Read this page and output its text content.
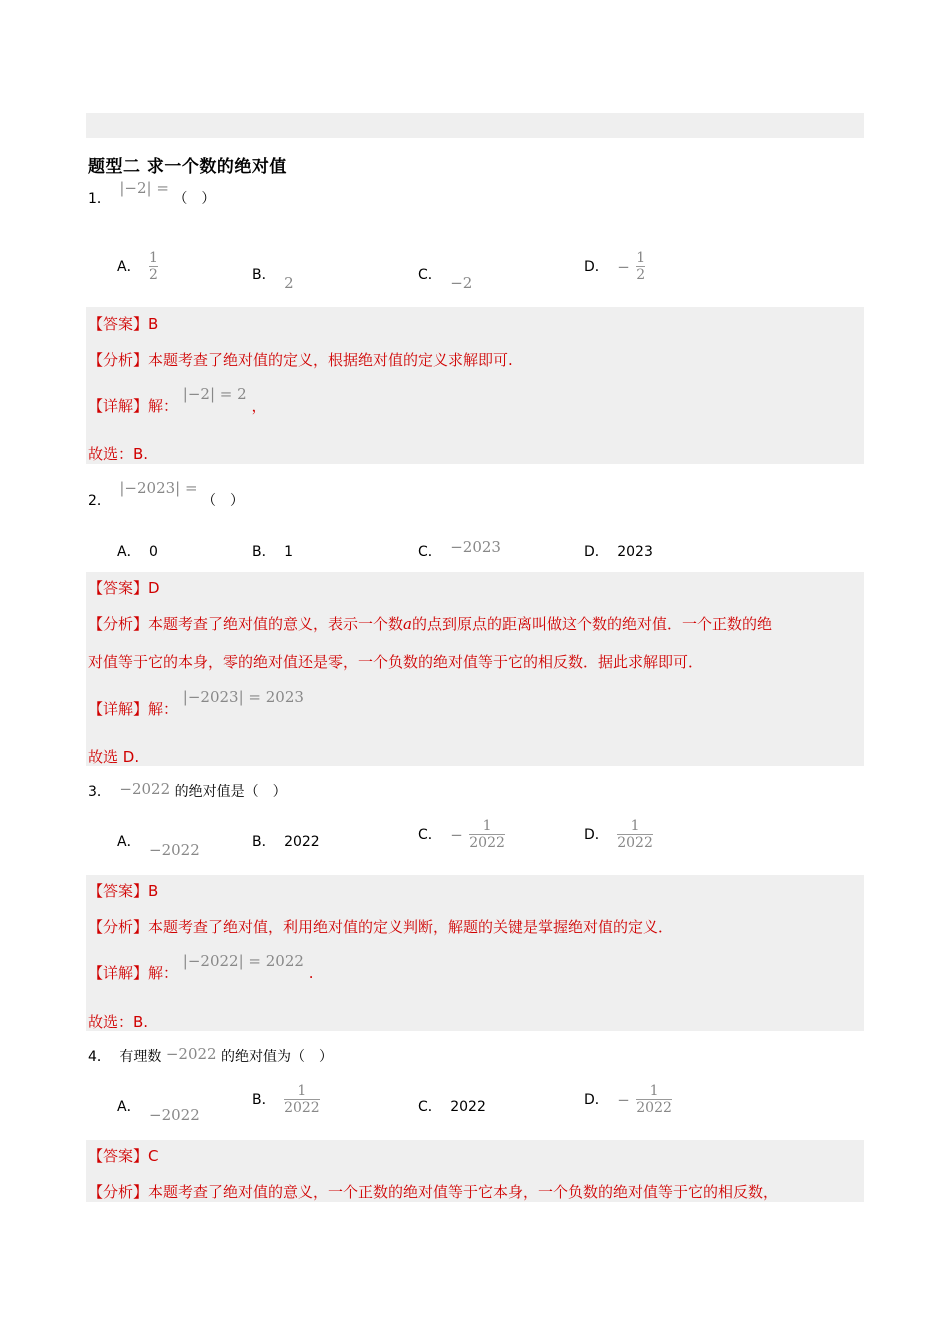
题型二 求一个数的绝对值
1． |−2| = （　）
A． $\frac{1}{2}$	B． 2	C． −2
D． − $\frac{1}{2}$
【答案】B
【分析】本题考查了绝对值的定义，根据绝对值的定义求解即可.
【详解】解： |−2| = 2 ，
故选：B.
2． |−2023| = （　）
A． 0	B． 1	C． −2023	D． 2023
【答案】D
【分析】本题考查了绝对值的意义，表示一个数a的点到原点的距离叫做这个数的绝对值．一个正数的绝
对值等于它的本身，零的绝对值还是零，一个负数的绝对值等于它的相反数．据此求解即可．
【详解】解： |−2023| = 2023
故选 D.
3． −2022 的绝对值是（　）
A． −2022	B． 2022	C． − $\frac{1}{2022}$	D． $\frac{1}{2022}$
【答案】B
【分析】本题考查了绝对值，利用绝对值的定义判断，解题的关键是掌握绝对值的定义．
【详解】解： |−2022| = 2022 .
故选：B.
4． 有理数 −2022 的绝对值为（　）
A． −2022
B． $\frac{1}{2022}$	C． 2022	D． − $\frac{1}{2022}$
【答案】C
【分析】本题考查了绝对值的意义，一个正数的绝对值等于它本身，一个负数的绝对值等于它的相反数，
